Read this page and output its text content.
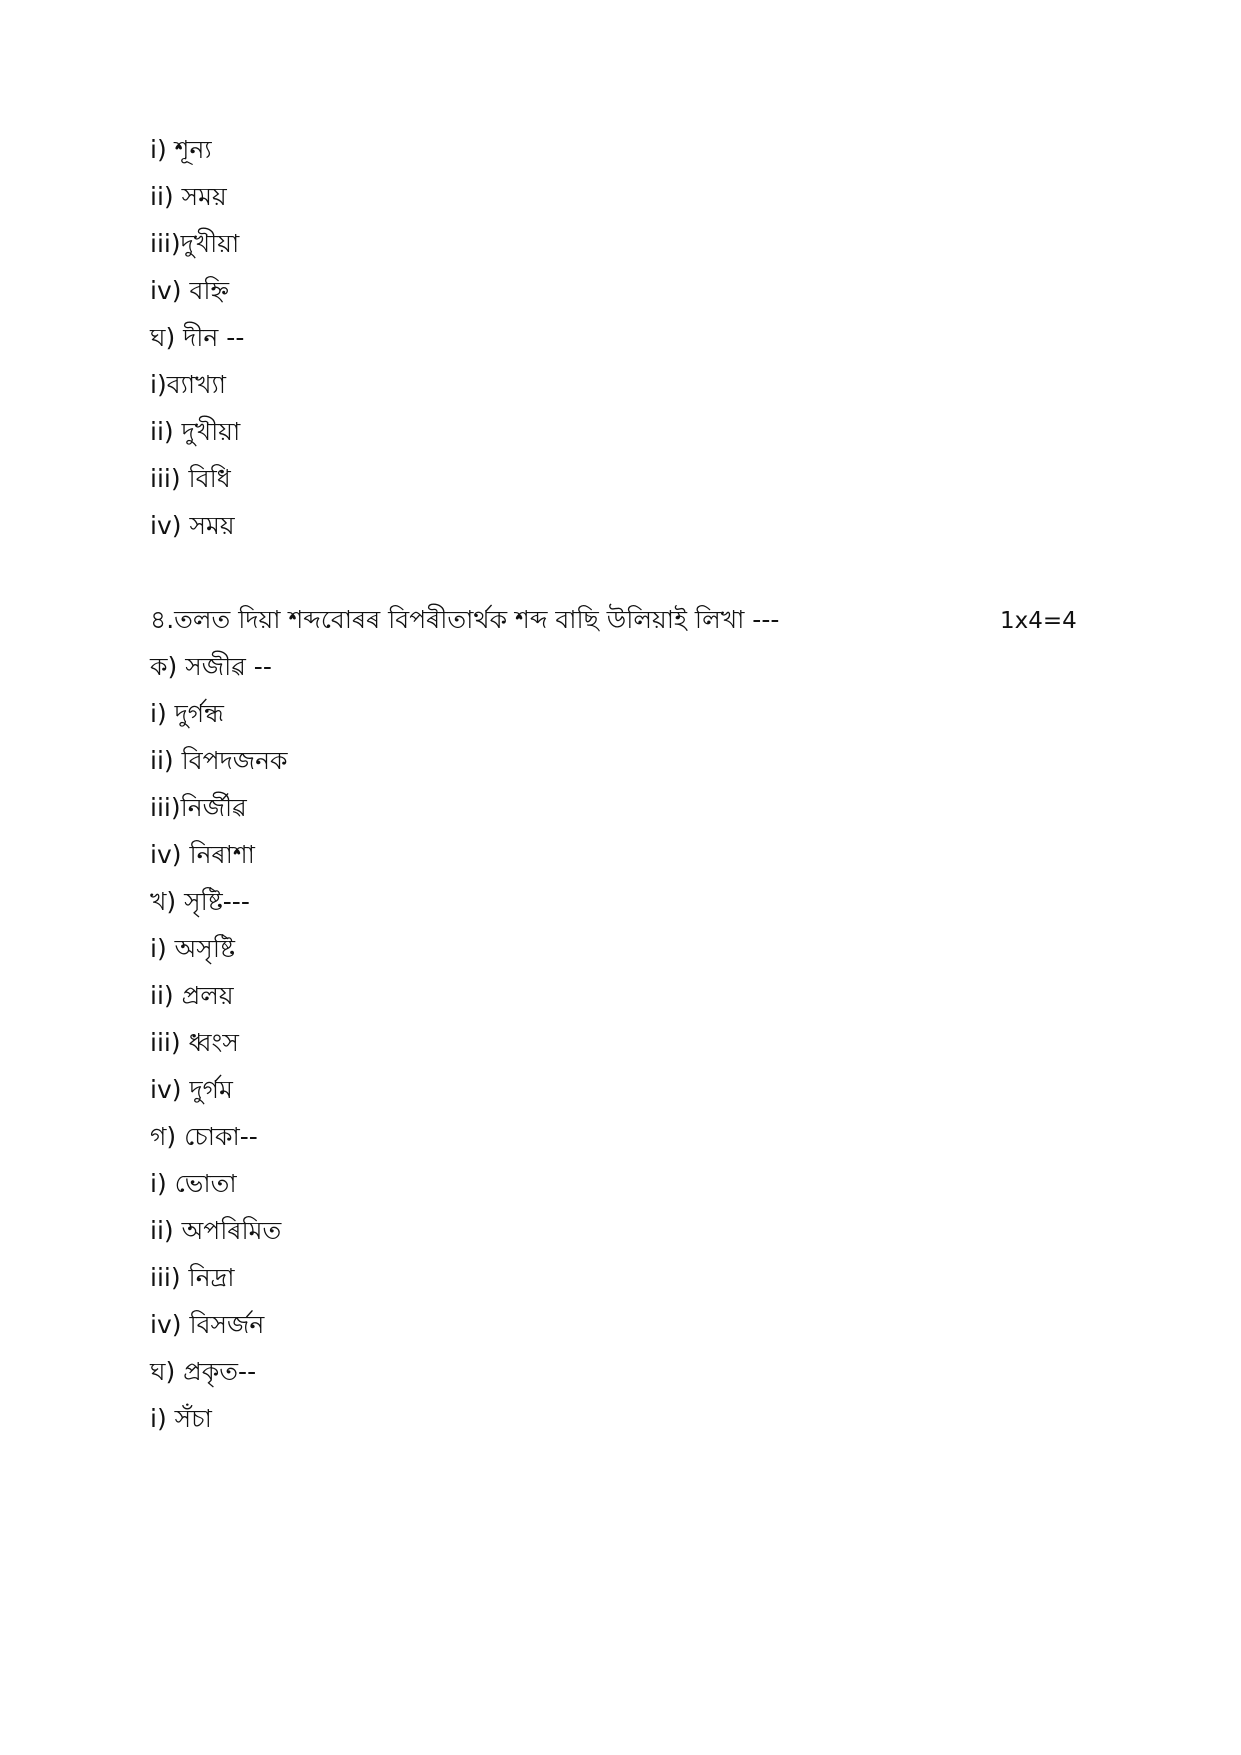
i) শূন্য
ii) সময়
iii)দুখীয়া
iv) বহ্নি
ঘ) দীন --
i)ব্যাখ্যা
ii) দুখীয়া
iii) বিধি
iv) সময়
৪.তলত দিয়া শব্দবোৰৰ বিপৰীতাৰ্থক শব্দ বাছি উলিয়াই লিখা ---	1x4=4
ক) সজীৱ --
i) দুৰ্গন্ধ
ii) বিপদজনক
iii)নিৰ্জীৱ
iv) নিৰাশা
খ) সৃষ্টি---
i) অসৃষ্টি
ii) প্ৰলয়
iii) ধ্বংস
iv) দুৰ্গম
গ) চোকা--
i) ভোতা
ii) অপৰিমিত
iii) নিদ্ৰা
iv) বিসৰ্জন
ঘ) প্ৰকৃত--
i) সঁচা
